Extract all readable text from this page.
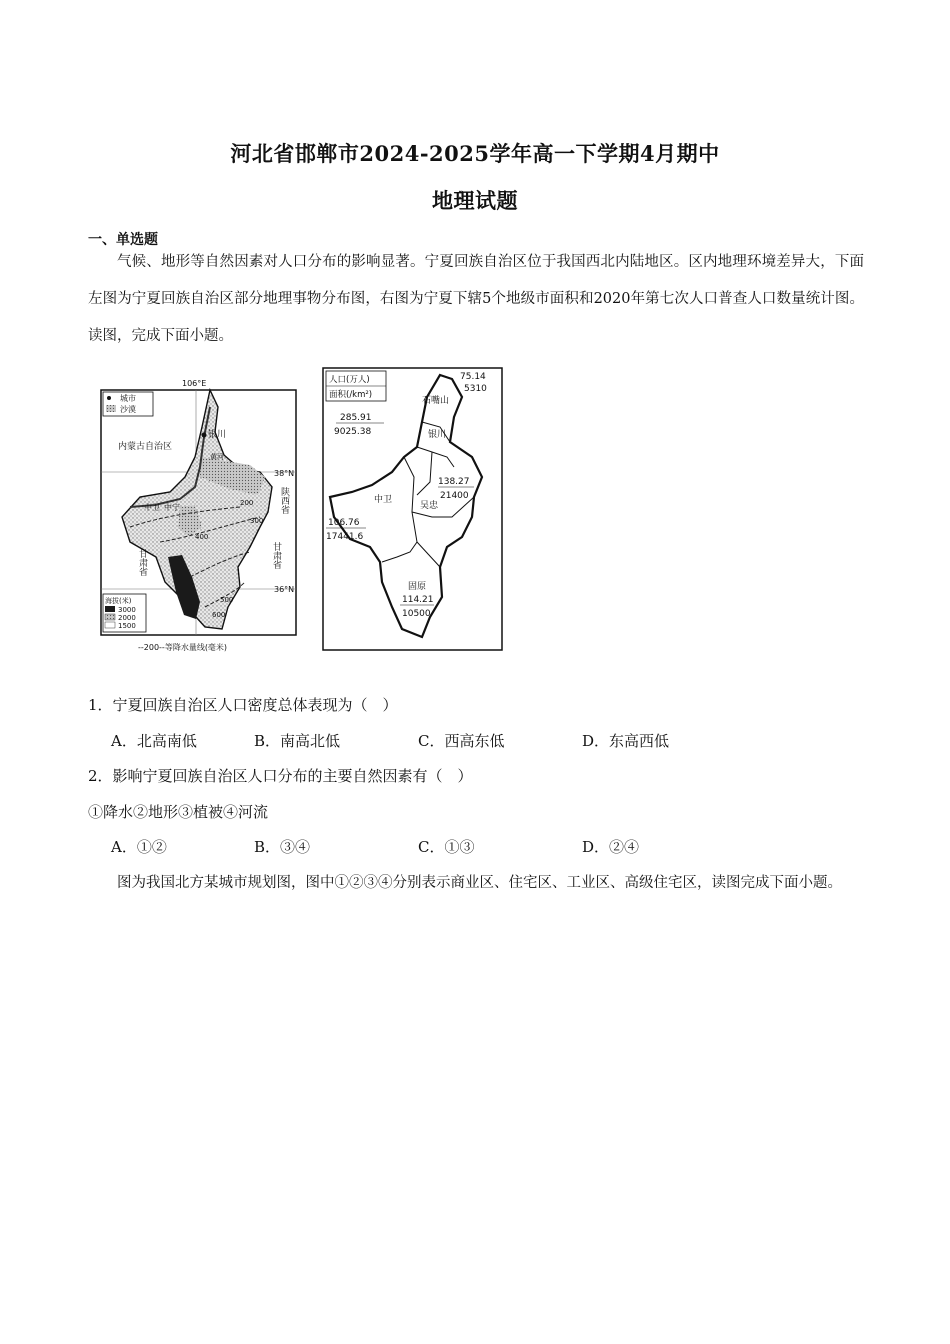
河北省邯郸市2024-2025学年高一下学期4月期中
地理试题
一、单选题
气候、地形等自然因素对人口分布的影响显著。宁夏回族自治区位于我国西北内陆地区。区内地理环境差异大，下面左图为宁夏回族自治区部分地理事物分布图，右图为宁夏下辖5个地级市面积和2020年第七次人口普查人口数量统计图。读图，完成下面小题。
城市
沙漠
106°E
内蒙古自治区
银川
黄河
中卫 中宁
甘肃省	甘肃省
陕西省
38°N
36°N
200
300
400
500
600
海拔(米)
3000
2000
1500
--200--等降水量线(毫米)
人口(万人)
面积(/km²)
75.14
5310
石嘴山
285.91
9025.38	银川
138.27
21400
吴忠
中卫
106.76
17441.6
固原
114.21
10500
1．宁夏回族自治区人口密度总体表现为（　）
A．北高南低	B．南高北低	C．西高东低	D．东高西低
2．影响宁夏回族自治区人口分布的主要自然因素有（　）
①降水②地形③植被④河流
A．①②	B．③④	C．①③	D．②④
图为我国北方某城市规划图，图中①②③④分别表示商业区、住宅区、工业区、高级住宅区，读图完成下面小题。
